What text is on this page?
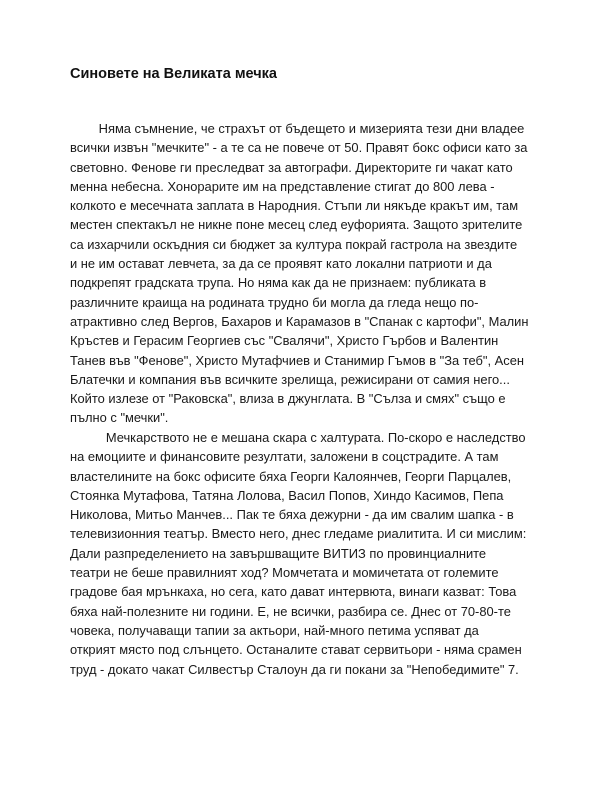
Синовете на Великата мечка
Няма съмнение, че страхът от бъдещето и мизерията тези дни владее
всички извън "мечките" - а те са не повече от 50. Правят бокс офиси като за
световно. Фенове ги преследват за автографи. Директорите ги чакат като
менна небесна. Хонорарите им на представление стигат до 800 лева -
колкото е месечната заплата в Народния. Стъпи ли някъде кракът им, там
местен спектакъл не никне поне месец след еуфорията. Защото зрителите
са изхарчили оскъдния си бюджет за култура покрай гастрола на звездите
и не им остават левчета, за да се проявят като локални патриоти и да
подкрепят градската трупа. Но няма как да не признаем: публиката в
различните краища на родината трудно би могла да гледа нещо по-
атрактивно след Вергов, Бахаров и Карамазов в "Спанак с картофи", Малин
Кръстев и Герасим Георгиев със "Свалячи", Христо Гърбов и Валентин
Танев във "Фенове", Христо Мутафчиев и Станимир Гъмов в "За теб", Асен
Блатечки и компания във всичките зрелища, режисирани от самия него...
Който излезе от "Раковска", влиза в джунглата. В "Сълза и смях" също е
пълно с "мечки".
Мечкарството не е мешана скара с халтурата. По-скоро е наследство
на емоциите и финансовите резултати, заложени в соцстрадите. А там
властелините на бокс офисите бяха Георги Калоянчев, Георги Парцалев,
Стоянка Мутафова, Татяна Лолова, Васил Попов, Хиндо Касимов, Пепа
Николова, Митьо Манчев... Пак те бяха дежурни - да им свалим шапка - в
телевизионния театър. Вместо него, днес гледаме риалитита. И си мислим:
Дали разпределението на завършващите ВИТИЗ по провинциалните
театри не беше правилният ход? Момчетата и момичетата от големите
градове бая мрънкаха, но сега, като дават интервюта, винаги казват: Това
бяха най-полезните ни години. Е, не всички, разбира се. Днес от 70-80-те
човека, получаващи тапии за актьори, най-много петима успяват да
открият място под слънцето. Останалите стават сервитьори - няма срамен
труд - докато чакат Силвестър Сталоун да ги покани за "Непобедимите" 7.
